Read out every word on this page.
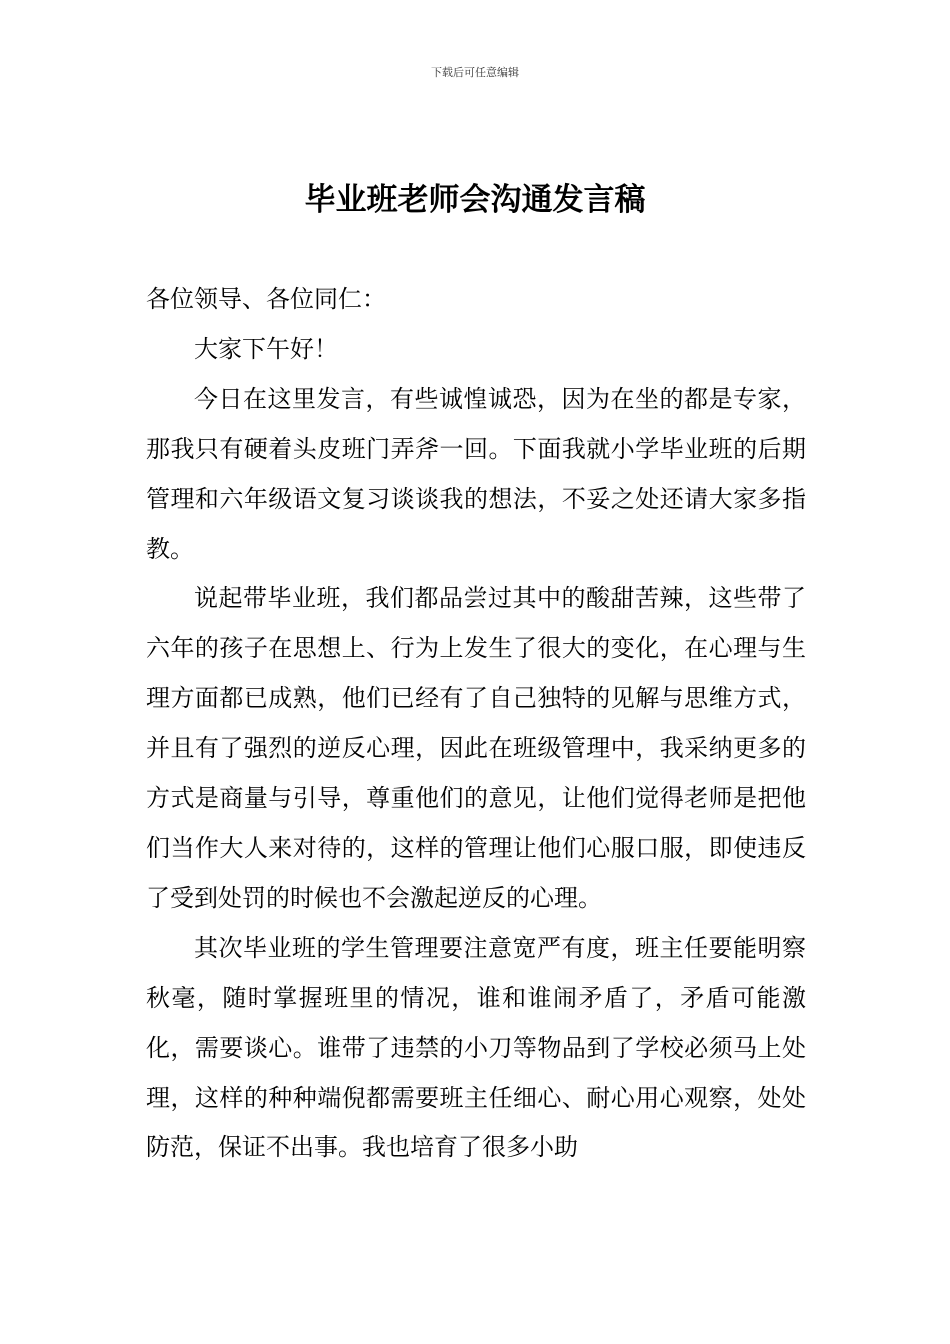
下载后可任意编辑
毕业班老师会沟通发言稿

各位领导、各位同仁：

大家下午好！

今日在这里发言，有些诚惶诚恐，因为在坐的都是专家，那我只有硬着头皮班门弄斧一回。下面我就小学毕业班的后期管理和六年级语文复习谈谈我的想法，不妥之处还请大家多指教。

说起带毕业班，我们都品尝过其中的酸甜苦辣，这些带了六年的孩子在思想上、行为上发生了很大的变化，在心理与生理方面都已成熟，他们已经有了自己独特的见解与思维方式，并且有了强烈的逆反心理，因此在班级管理中，我采纳更多的方式是商量与引导，尊重他们的意见，让他们觉得老师是把他们当作大人来对待的，这样的管理让他们心服口服，即使违反了受到处罚的时候也不会激起逆反的心理。

其次毕业班的学生管理要注意宽严有度，班主任要能明察秋毫，随时掌握班里的情况，谁和谁闹矛盾了，矛盾可能激化，需要谈心。谁带了违禁的小刀等物品到了学校必须马上处理，这样的种种端倪都需要班主任细心、耐心用心观察，处处防范，保证不出事。我也培育了很多小助
